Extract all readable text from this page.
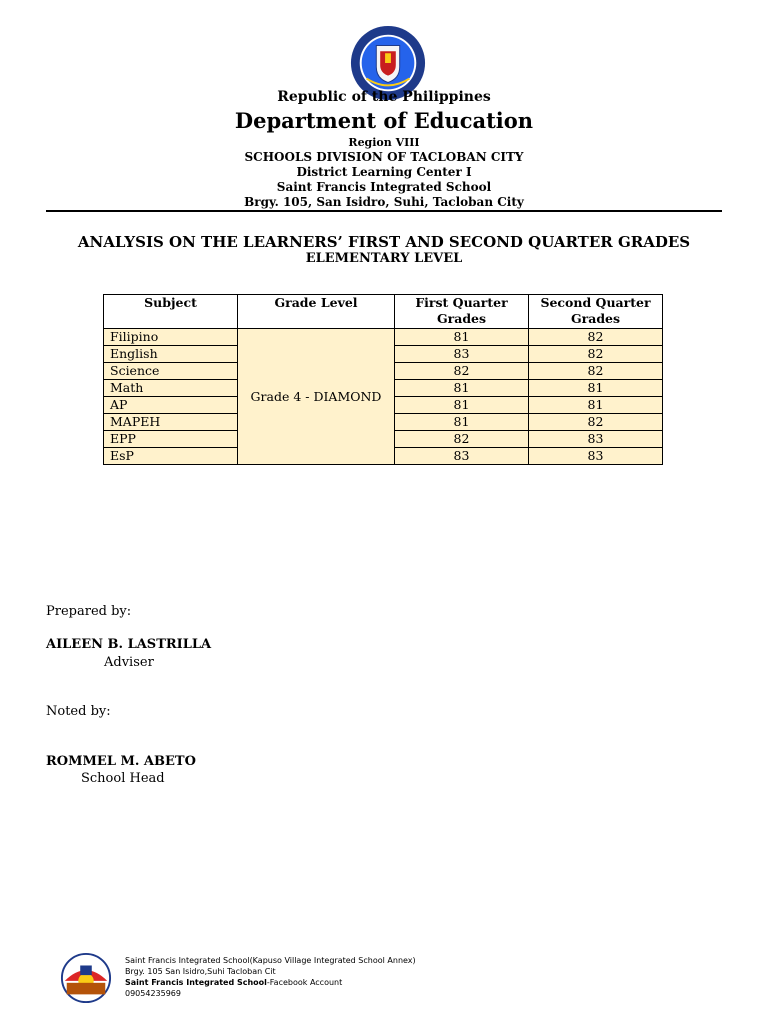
Republic of the Philippines
Department of Education
Region VIII
SCHOOLS DIVISION OF TACLOBAN CITY
District Learning Center I
Saint Francis Integrated School
Brgy. 105, San Isidro, Suhi, Tacloban City
ANALYSIS ON THE LEARNERS’ FIRST AND SECOND QUARTER GRADES
ELEMENTARY LEVEL
Subject	Grade Level	First Quarter Grades	Second Quarter Grades
Filipino	Grade 4 - DIAMOND	81	82
English		83	82
Science		82	82
Math		81	81
AP		81	81
MAPEH		81	82
EPP		82	83
EsP		83	83
Prepared by:
AILEEN B. LASTRILLA
Adviser
Noted by:
ROMMEL M. ABETO
School Head
Saint Francis Integrated School(Kapuso Village Integrated School Annex)
Brgy. 105 San Isidro,Suhi Tacloban Cit
Saint Francis Integrated School-Facebook Account
09054235969
